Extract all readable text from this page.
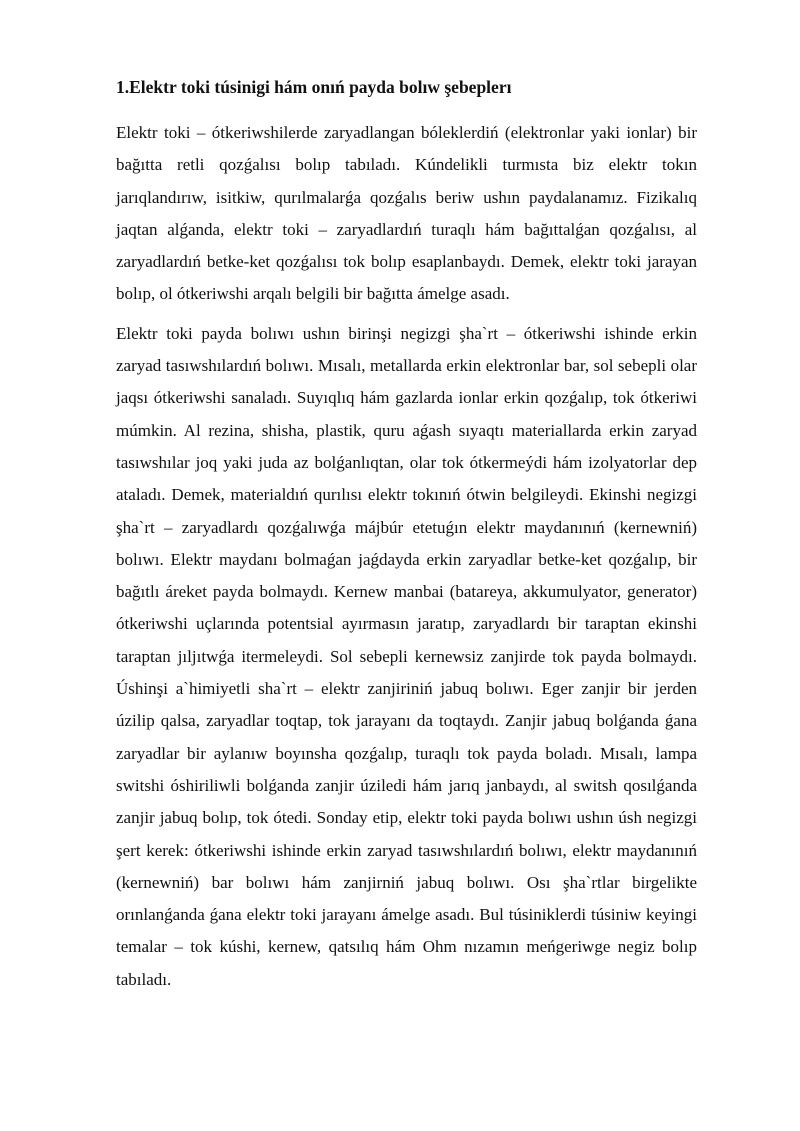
1.Elektr toki túsinigi hám onıń payda bolıw şebeplerı

Elektr toki – ótkeriwshilerde zaryadlangan bóleklerdiń (elektronlar yaki ionlar) bir bağıtta retli qozǵalısı bolıp tabıladı. Kúndelikli turmısta biz elektr tokın jarıqlandırıw, isitkiw, qurılmalarǵa qozǵalıs beriw ushın paydalanamız. Fizikalıq jaqtan alǵanda, elektr toki – zaryadlardıń turaqlı hám bağıttalǵan qozǵalısı, al zaryadlardıń betke-ket qozǵalısı tok bolıp esaplanbaydı. Demek, elektr toki jarayan bolıp, ol ótkeriwshi arqalı belgili bir bağıtta ámelge asadı.

Elektr toki payda bolıwı ushın birinşi negizgi şha`rt – ótkeriwshi ishinde erkin zaryad tasıwshılardıń bolıwı. Mısalı, metallarda erkin elektronlar bar, sol sebepli olar jaqsı ótkeriwshi sanaladı. Suyıqlıq hám gazlarda ionlar erkin qozǵalıp, tok ótkeriwi múmkin. Al rezina, shisha, plastik, quru aǵash sıyaqtı materiallarda erkin zaryad tasıwshılar joq yaki juda az bolǵanlıqtan, olar tok ótkermeýdi hám izolyatorlar dep ataladı. Demek, materialdıń qurılısı elektr tokınıń ótwin belgileydi. Ekinshi negizgi şha`rt – zaryadlardı qozǵalıwǵa májbúr etetuǵın elektr maydanınıń (kernewniń) bolıwı. Elektr maydanı bolmaǵan jaǵdayda erkin zaryadlar betke-ket qozǵalıp, bir bağıtlı áreket payda bolmaydı. Kernew manbai (batareya, akkumulyator, generator) ótkeriwshi uçlarında potentsial ayırmasın jaratıp, zaryadlardı bir taraptan ekinshi taraptan jıljıtwǵa itermeleydi. Sol sebepli kernewsiz zanjirde tok payda bolmaydı. Úshinşi a`himiyetli sha`rt – elektr zanjiriniń jabuq bolıwı. Eger zanjir bir jerden úzilip qalsa, zaryadlar toqtap, tok jarayanı da toqtaydı. Zanjir jabuq bolǵanda ǵana zaryadlar bir aylanıw boyınsha qozǵalıp, turaqlı tok payda boladı. Mısalı, lampa switshi óshiriliwli bolǵanda zanjir úziledi hám jarıq janbaydı, al switsh qosılǵanda zanjir jabuq bolıp, tok ótedi. Sonday etip, elektr toki payda bolıwı ushın úsh negizgi şert kerek: ótkeriwshi ishinde erkin zaryad tasıwshılardıń bolıwı, elektr maydanınıń (kernewniń) bar bolıwı hám zanjirniń jabuq bolıwı. Osı şha`rtlar birgelikte orınlanǵanda ǵana elektr toki jarayanı ámelge asadı. Bul túsiniklerdi túsiniw keyingi temalar – tok kúshi, kernew, qatsılıq hám Ohm nızamın meńgeriwge negiz bolıp tabıladı.
